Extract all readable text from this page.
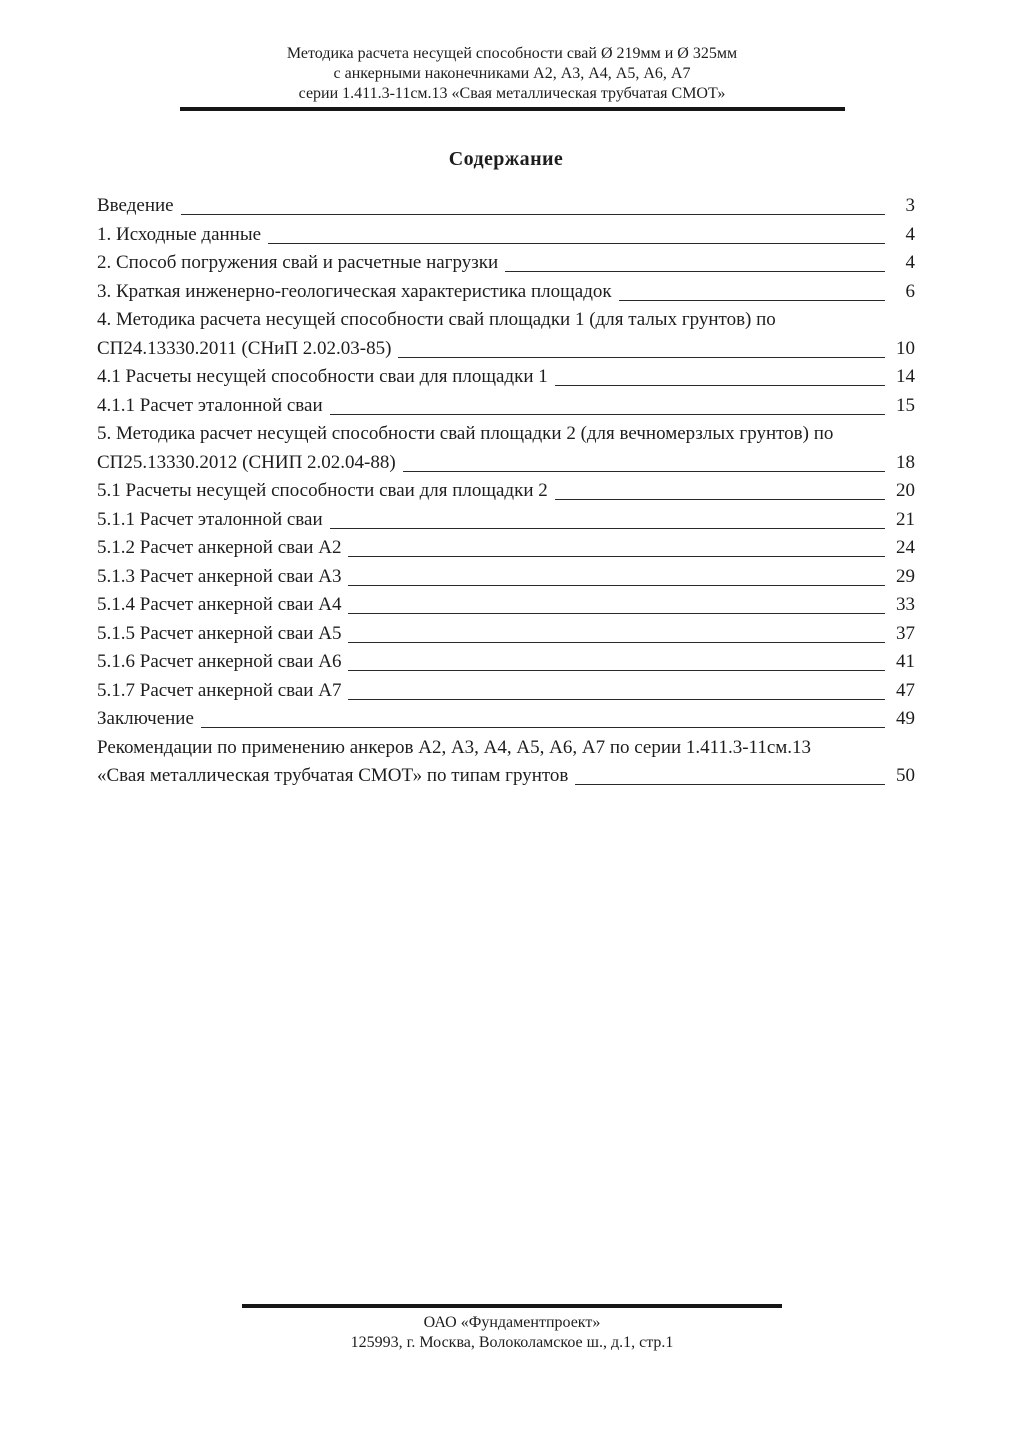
Методика расчета несущей способности свай Ø 219мм и Ø 325мм
с анкерными наконечниками А2, А3, А4, А5, А6, А7
серии 1.411.3-11см.13 «Свая металлическая трубчатая СМОТ»
Содержание
Введение	3
1. Исходные данные	4
2. Способ погружения свай и расчетные нагрузки	4
3. Краткая инженерно-геологическая характеристика площадок	6
4. Методика расчета несущей способности свай площадки 1 (для талых грунтов) по
СП24.13330.2011 (СНиП 2.02.03-85)	10
4.1 Расчеты несущей способности сваи для площадки 1	14
4.1.1 Расчет эталонной сваи	15
5. Методика расчет несущей способности свай площадки 2 (для вечномерзлых грунтов) по
СП25.13330.2012 (СНИП 2.02.04-88)	18
5.1 Расчеты несущей способности сваи для площадки 2	20
5.1.1 Расчет эталонной сваи	21
5.1.2 Расчет анкерной сваи А2	24
5.1.3 Расчет анкерной сваи А3	29
5.1.4 Расчет анкерной сваи А4	33
5.1.5 Расчет анкерной сваи А5	37
5.1.6 Расчет анкерной сваи А6	41
5.1.7 Расчет анкерной сваи А7	47
Заключение	49
Рекомендации по применению анкеров А2, А3, А4, А5, А6, А7 по серии 1.411.3-11см.13
«Свая металлическая трубчатая СМОТ» по типам грунтов	50
ОАО «Фундаментпроект»
125993, г. Москва, Волоколамское ш., д.1, стр.1
